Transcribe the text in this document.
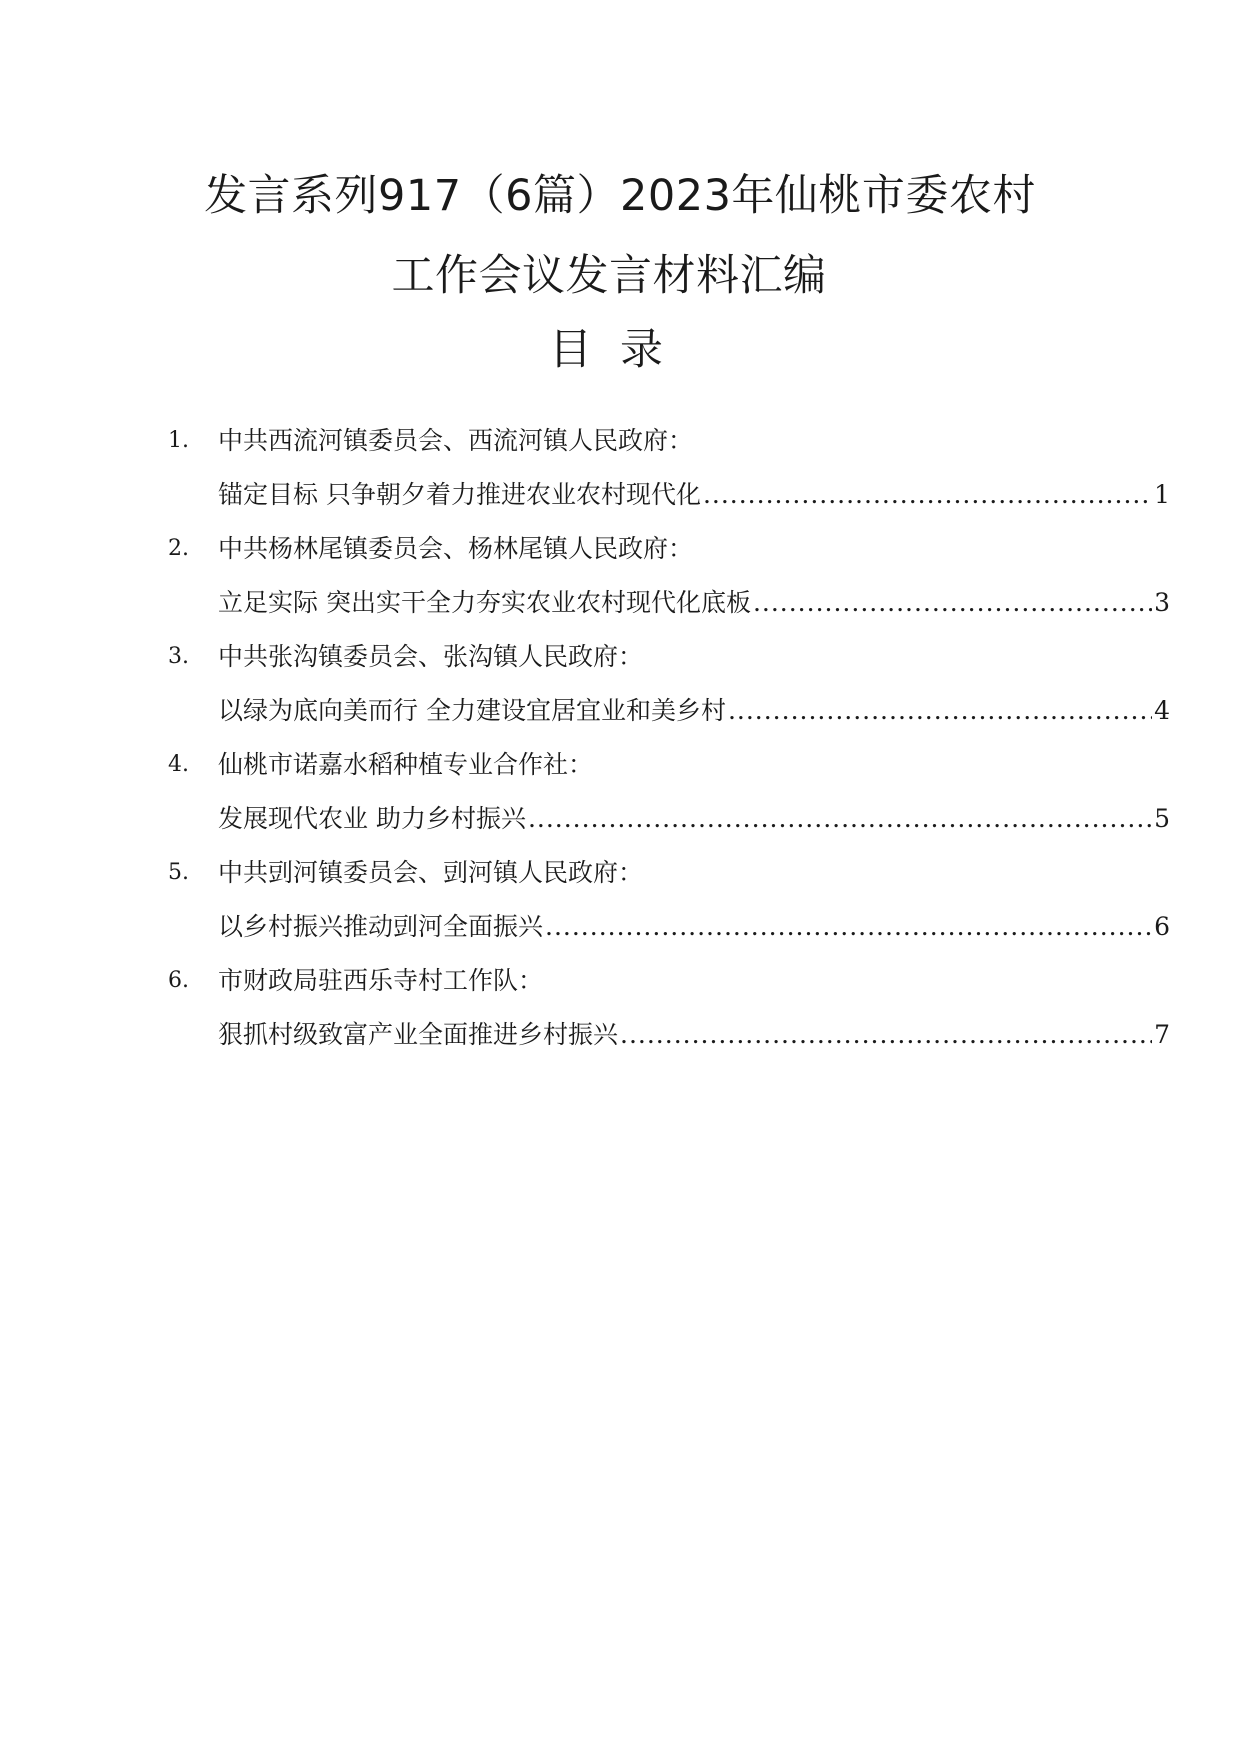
发言系列917（6篇）2023年仙桃市委农村
工作会议发言材料汇编
目录
1.	中共西流河镇委员会、西流河镇人民政府：
锚定目标 只争朝夕着力推进农业农村现代化 .....	1
2.	中共杨林尾镇委员会、杨林尾镇人民政府：
立足实际 突出实干全力夯实农业农村现代化底板 .....	3
3.	中共张沟镇委员会、张沟镇人民政府：
以绿为底向美而行 全力建设宜居宜业和美乡村 .....	4
4.	仙桃市诺嘉水稻种植专业合作社：
发展现代农业 助力乡村振兴 .....	5
5.	中共剅河镇委员会、剅河镇人民政府：
以乡村振兴推动剅河全面振兴 .....	6
6.	市财政局驻西乐寺村工作队：
狠抓村级致富产业全面推进乡村振兴 .....	7
